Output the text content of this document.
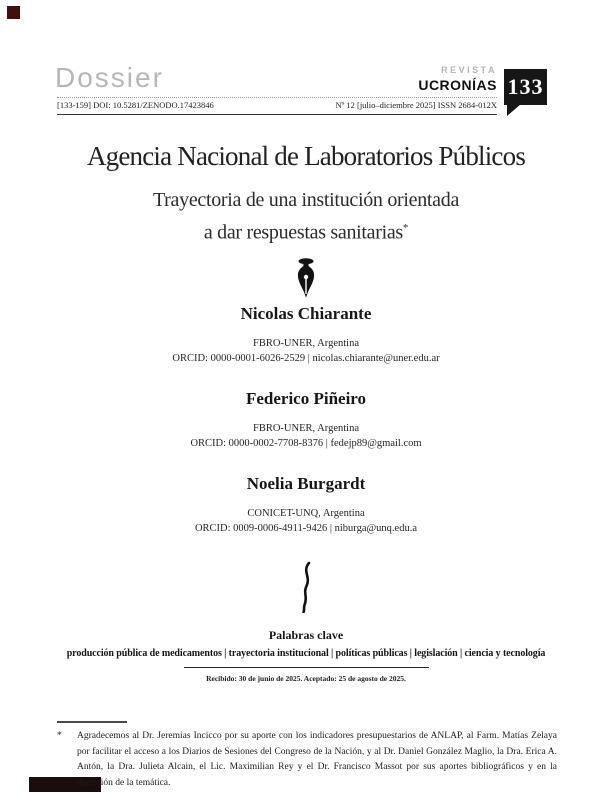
Dossier	REVISTA
UCRONÍAS 133
[133-159] DOI: 10.5281/ZENODO.17423846	Nº 12 [julio–diciembre 2025] ISSN 2684-012X
Agencia Nacional de Laboratorios Públicos
Trayectoria de una institución orientada
a dar respuestas sanitarias*
Nicolas Chiarante
FBRO-UNER, Argentina
ORCID: 0000-0001-6026-2529 | nicolas.chiarante@uner.edu.ar
Federico Piñeiro
FBRO-UNER, Argentina
ORCID: 0000-0002-7708-8376 | fedejp89@gmail.com
Noelia Burgardt
CONICET-UNQ, Argentina
ORCID: 0009-0006-4911-9426 | niburga@unq.edu.a
Palabras clave
producción pública de medicamentos | trayectoria institucional | políticas públicas | legislación | ciencia y tecnología
Recibido: 30 de junio de 2025. Aceptado: 25 de agosto de 2025.
*	Agradecemos al Dr. Jeremias Incicco por su aporte con los indicadores presupuestarios de ANLAP, al Farm. Matías Zelaya por facilitar el acceso a los Diarios de Sesiones del Congreso de la Nación, y al Dr. Daniel González Maglio, la Dra. Erica A. Antón, la Dra. Julieta Alcain, el Lic. Maximilian Rey y el Dr. Francisco Massot por sus aportes bibliográficos y en la discusión de la temática.
